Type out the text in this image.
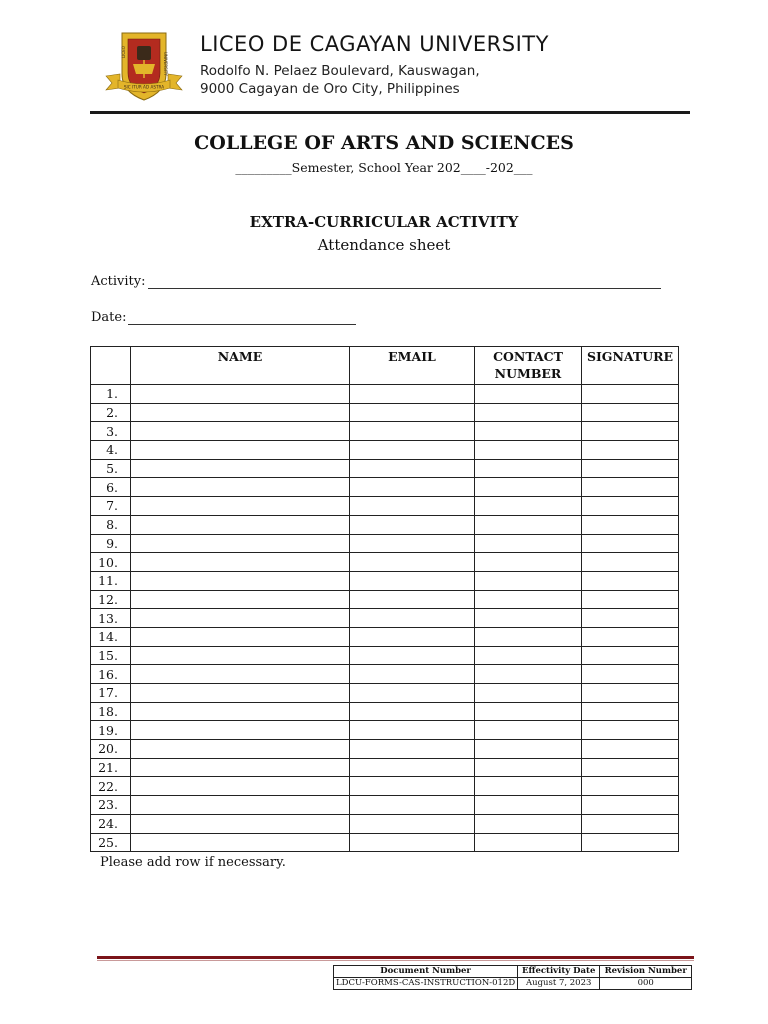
SIC ITUR AD ASTRA
LICEO	UNIVERSITY
LICEO DE CAGAYAN UNIVERSITY
Rodolfo N. Pelaez Boulevard, Kauswagan,
9000 Cagayan de Oro City, Philippines
COLLEGE OF ARTS AND SCIENCES
_________Semester, School Year 202____-202___
EXTRA-CURRICULAR ACTIVITY
Attendance sheet
Activity:
Date:
	NAME	EMAIL	CONTACT NUMBER	SIGNATURE
1.				
2.				
3.				
4.				
5.				
6.				
7.				
8.				
9.				
10.				
11.				
12.				
13.				
14.				
15.				
16.				
17.				
18.				
19.				
20.				
21.				
22.				
23.				
24.				
25.				
Please add row if necessary.
Document Number	Effectivity Date	Revision Number
LDCU-FORMS-CAS-INSTRUCTION-012D	August 7, 2023	000
